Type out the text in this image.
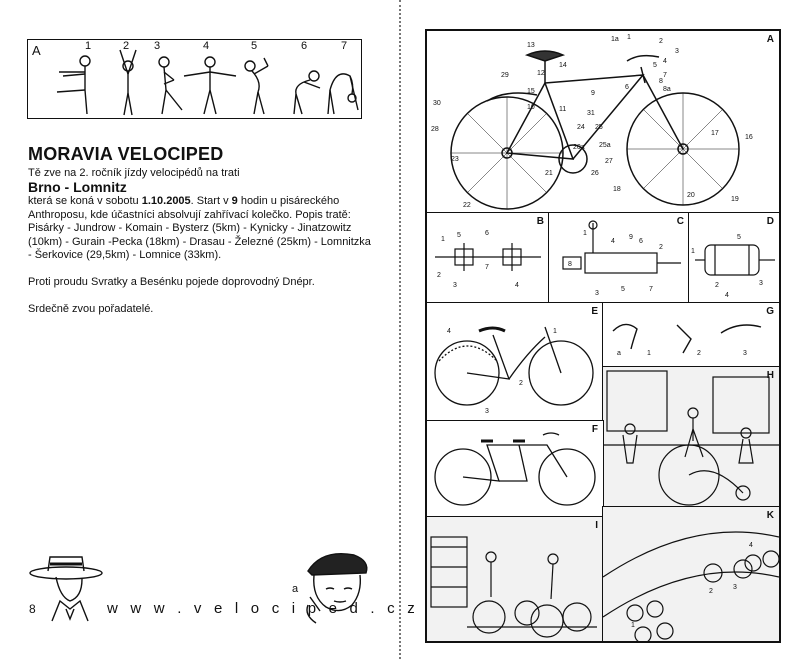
A	1	2 3	4	5	6	7
MORAVIA VELOCIPED
Tě zve na 2. ročník jízdy velocipédů na trati
Brno - Lomnitz

která se koná v sobotu 1.10.2005. Start v 9 hodin u pisáreckého Anthroposu, kde účastníci absolvují zahřívací kolečko. Popis tratě: Pisárky - Jundrow - Komain - Bysterz (5km) - Kynicky - Jinatzowitz (10km) - Gurain -Pecka (18km) - Drasau - Železné (25km) - Lomnitzka - Šerkovice (29,5km) - Lomnice (33km).

Proti proudu Svratky a Besénku pojede doprovodný Dnépr.

Srdečně zvou pořadatelé.

8	w w w . v e l o c i p e d . c z
a
A
1a 1
2
3
4
5
6
7
8
8a
9
10	11
12
13
14
15
16
17
18
19
20
20a
21
22
23
24 25
25a
26
27
28
29
30
31
B
1
2
3	4
5	6
7
C
1
2
3
4
5
6
7
8
9
D
1
2	3
4
5
E
1
2
3
4
G
1	2	3
a
H
F
I
K
1
2
3
4
